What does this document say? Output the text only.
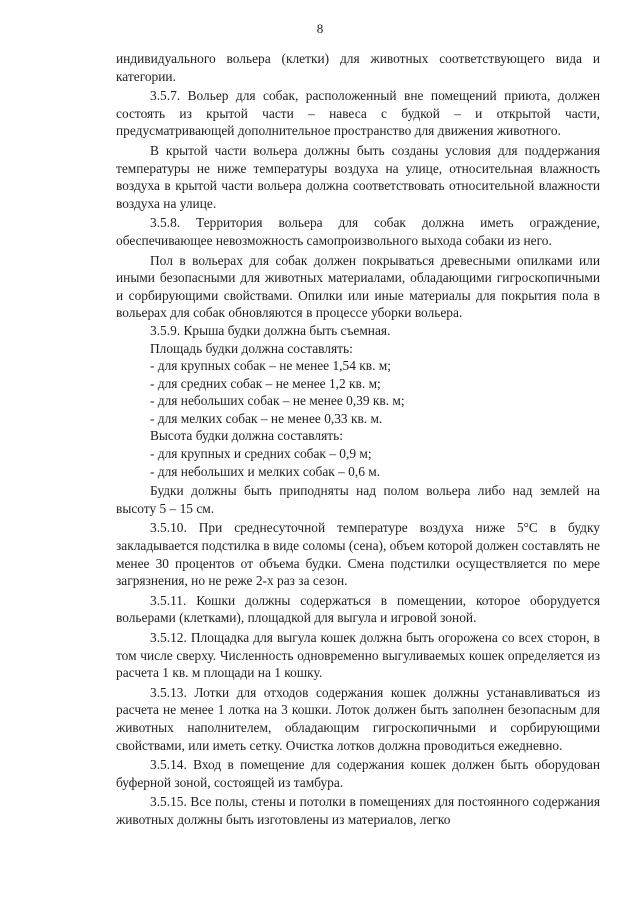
8

индивидуального вольера (клетки) для животных соответствующего вида и категории.

3.5.7. Вольер для собак, расположенный вне помещений приюта, должен состоять из крытой части – навеса с будкой – и открытой части, предусматривающей дополнительное пространство для движения животного.

В крытой части вольера должны быть созданы условия для поддержания температуры не ниже температуры воздуха на улице, относительная влажность воздуха в крытой части вольера должна соответствовать относительной влажности воздуха на улице.

3.5.8. Территория вольера для собак должна иметь ограждение, обеспечивающее невозможность самопроизвольного выхода собаки из него.

Пол в вольерах для собак должен покрываться древесными опилками или иными безопасными для животных материалами, обладающими гигроскопичными и сорбирующими свойствами. Опилки или иные материалы для покрытия пола в вольерах для собак обновляются в процессе уборки вольера.

3.5.9. Крыша будки должна быть съемная.

Площадь будки должна составлять:

- для крупных собак – не менее 1,54 кв. м;

- для средних собак – не менее 1,2 кв. м;

- для небольших собак – не менее 0,39 кв. м;

- для мелких собак – не менее 0,33 кв. м.

Высота будки должна составлять:

- для крупных и средних собак – 0,9 м;

- для небольших и мелких собак – 0,6 м.

Будки должны быть приподняты над полом вольера либо над землей на высоту 5 – 15 см.

3.5.10. При среднесуточной температуре воздуха ниже 5°С в будку закладывается подстилка в виде соломы (сена), объем которой должен составлять не менее 30 процентов от объема будки. Смена подстилки осуществляется по мере загрязнения, но не реже 2-х раз за сезон.

3.5.11. Кошки должны содержаться в помещении, которое оборудуется вольерами (клетками), площадкой для выгула и игровой зоной.

3.5.12. Площадка для выгула кошек должна быть огорожена со всех сторон, в том числе сверху. Численность одновременно выгуливаемых кошек определяется из расчета 1 кв. м площади на 1 кошку.

3.5.13. Лотки для отходов содержания кошек должны устанавливаться из расчета не менее 1 лотка на 3 кошки. Лоток должен быть заполнен безопасным для животных наполнителем, обладающим гигроскопичными и сорбирующими свойствами, или иметь сетку. Очистка лотков должна проводиться ежедневно.

3.5.14. Вход в помещение для содержания кошек должен быть оборудован буферной зоной, состоящей из тамбура.

3.5.15. Все полы, стены и потолки в помещениях для постоянного содержания животных должны быть изготовлены из материалов, легко
